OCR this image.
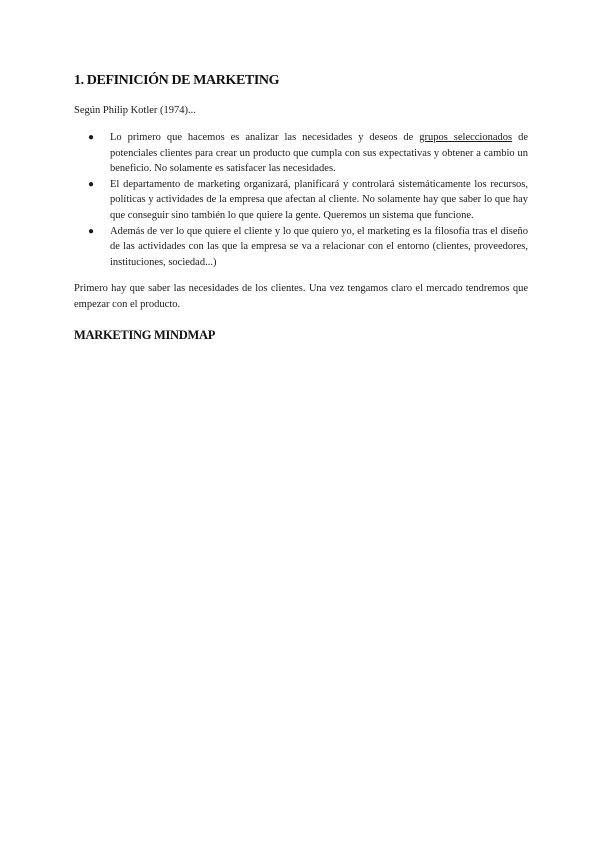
1. DEFINICIÓN DE MARKETING

Según Philip Kotler (1974)...

● Lo primero que hacemos es analizar las necesidades y deseos de grupos seleccionados de potenciales clientes para crear un producto que cumpla con sus expectativas y obtener a cambio un beneficio. No solamente es satisfacer las necesidades.
● El departamento de marketing organizará, planificará y controlará sistemáticamente los recursos, políticas y actividades de la empresa que afectan al cliente. No solamente hay que saber lo que hay que conseguir sino también lo que quiere la gente. Queremos un sistema que funcione.
● Además de ver lo que quiere el cliente y lo que quiero yo, el marketing es la filosofía tras el diseño de las actividades con las que la empresa se va a relacionar con el entorno (clientes, proveedores, instituciones, sociedad...)

Primero hay que saber las necesidades de los clientes. Una vez tengamos claro el mercado tendremos que empezar con el producto.

MARKETING MINDMAP
